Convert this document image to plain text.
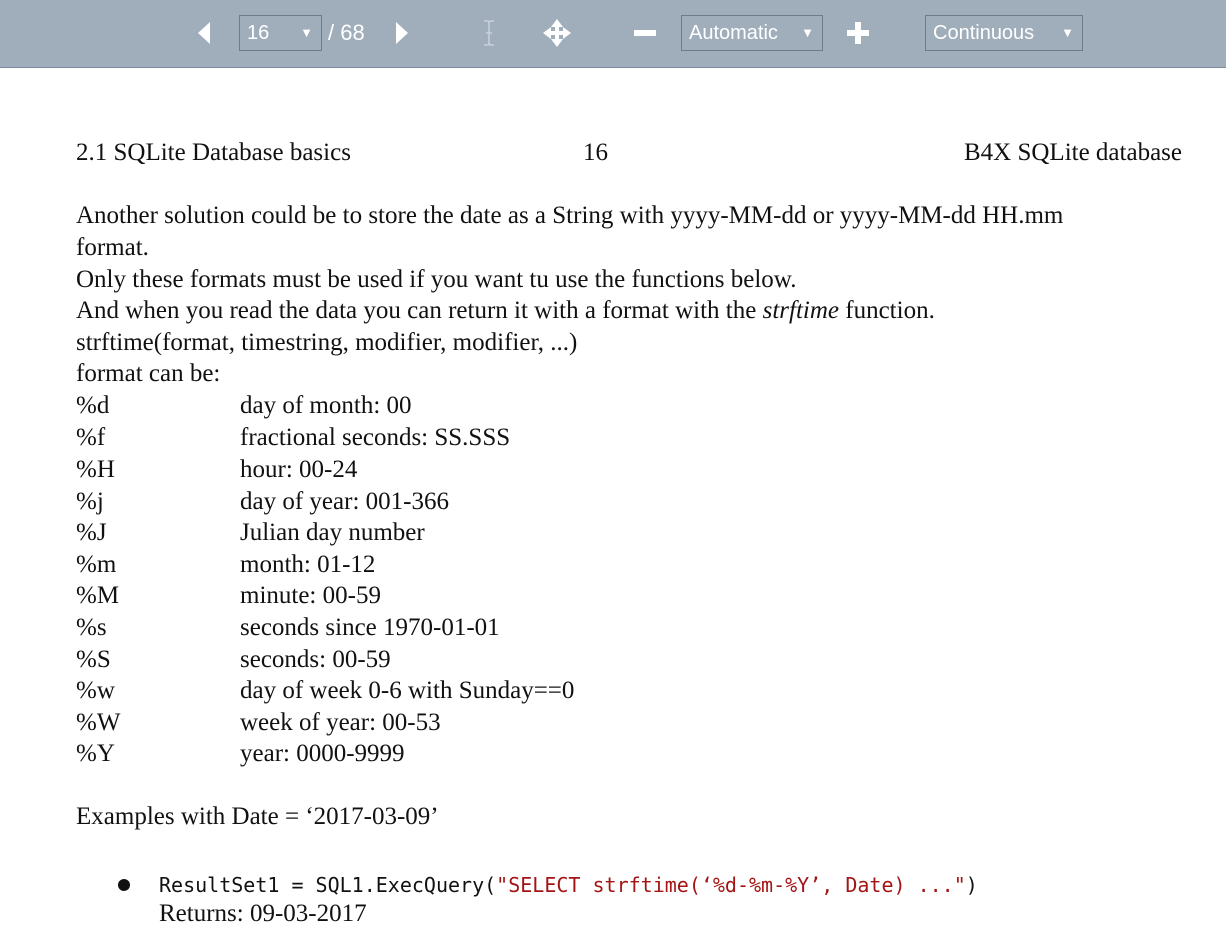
16 ▼ / 68	Automatic ▼	Continuous ▼
2.1 SQLite Database basics	16	B4X SQLite database
Another solution could be to store the date as a String with yyyy-MM-dd or yyyy-MM-dd HH.mm
format.
Only these formats must be used if you want tu use the functions below.
And when you read the data you can return it with a format with the strftime function.
strftime(format, timestring, modifier, modifier, ...)
format can be:
%d	day of month: 00
%f	fractional seconds: SS.SSS
%H	hour: 00-24
%j	day of year: 001-366
%J	Julian day number
%m	month: 01-12
%M	minute: 00-59
%s	seconds since 1970-01-01
%S	seconds: 00-59
%w	day of week 0-6 with Sunday==0
%W	week of year: 00-53
%Y	year: 0000-9999
Examples with Date = ‘2017-03-09’
ResultSet1 = SQL1.ExecQuery("SELECT strftime(‘%d-%m-%Y’, Date) ...")
Returns: 09-03-2017
